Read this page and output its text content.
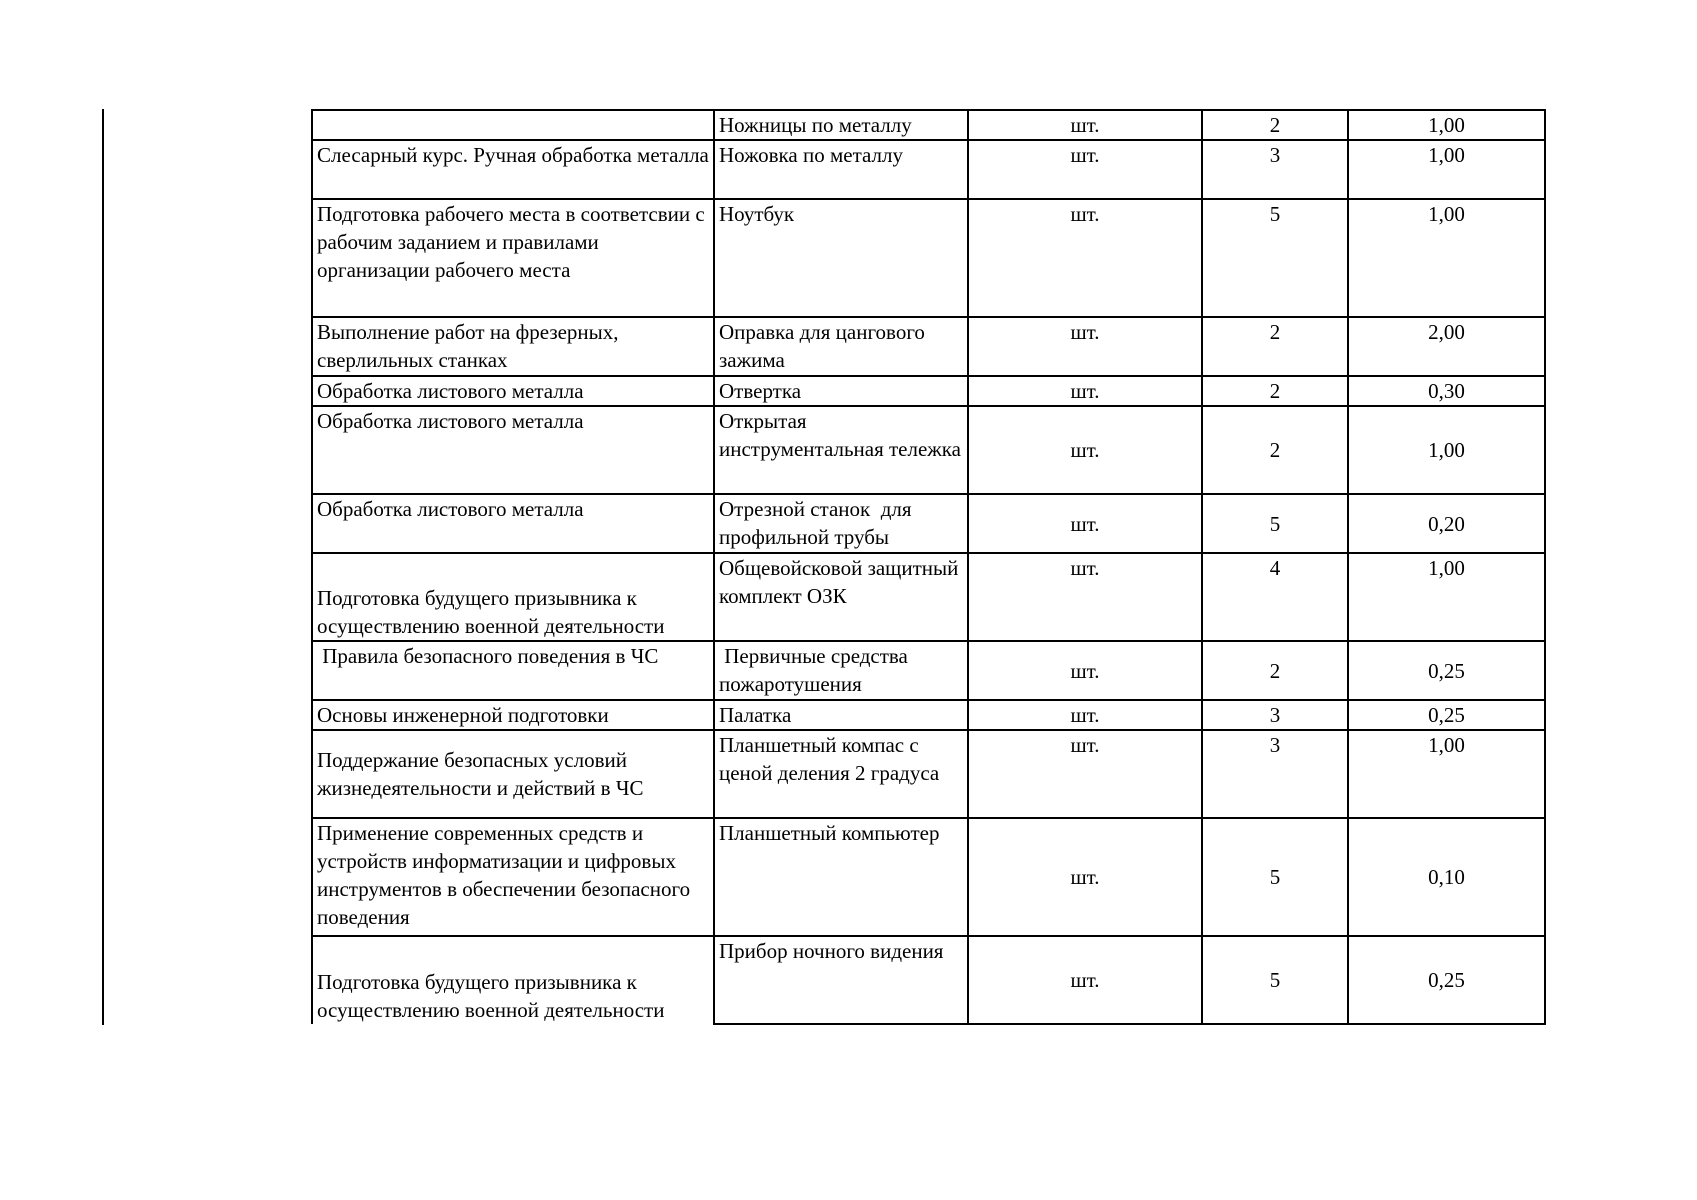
	Ножницы по металлу	шт.	2	1,00
Слесарный курс. Ручная обработка металла	Ножовка по металлу	шт.	3	1,00
Подготовка рабочего места в соответсвии с рабочим заданием и правилами организации рабочего места	Ноутбук	шт.	5	1,00
Выполнение работ на фрезерных, сверлильных станках	Оправка для цангового зажима	шт.	2	2,00
Обработка листового металла	Отвертка	шт.	2	0,30
Обработка листового металла	Открытая инструментальная тележка	шт.	2	1,00
Обработка листового металла	Отрезной станок  для профильной трубы	шт.	5	0,20
Подготовка будущего призывника к осуществлению военной деятельности	Общевойсковой защитный комплект ОЗК	шт.	4	1,00
Правила безопасного поведения в ЧС	Первичные средства пожаротушения	шт.	2	0,25
Основы инженерной подготовки	Палатка	шт.	3	0,25
Поддержание безопасных условий жизнедеятельности и действий в ЧС	Планшетный компас с ценой деления 2 градуса	шт.	3	1,00
Применение современных средств и устройств информатизации и цифровых инструментов в обеспечении безопасного поведения	Планшетный компьютер	шт.	5	0,10
Подготовка будущего призывника к осуществлению военной деятельности	Прибор ночного видения	шт.	5	0,25
